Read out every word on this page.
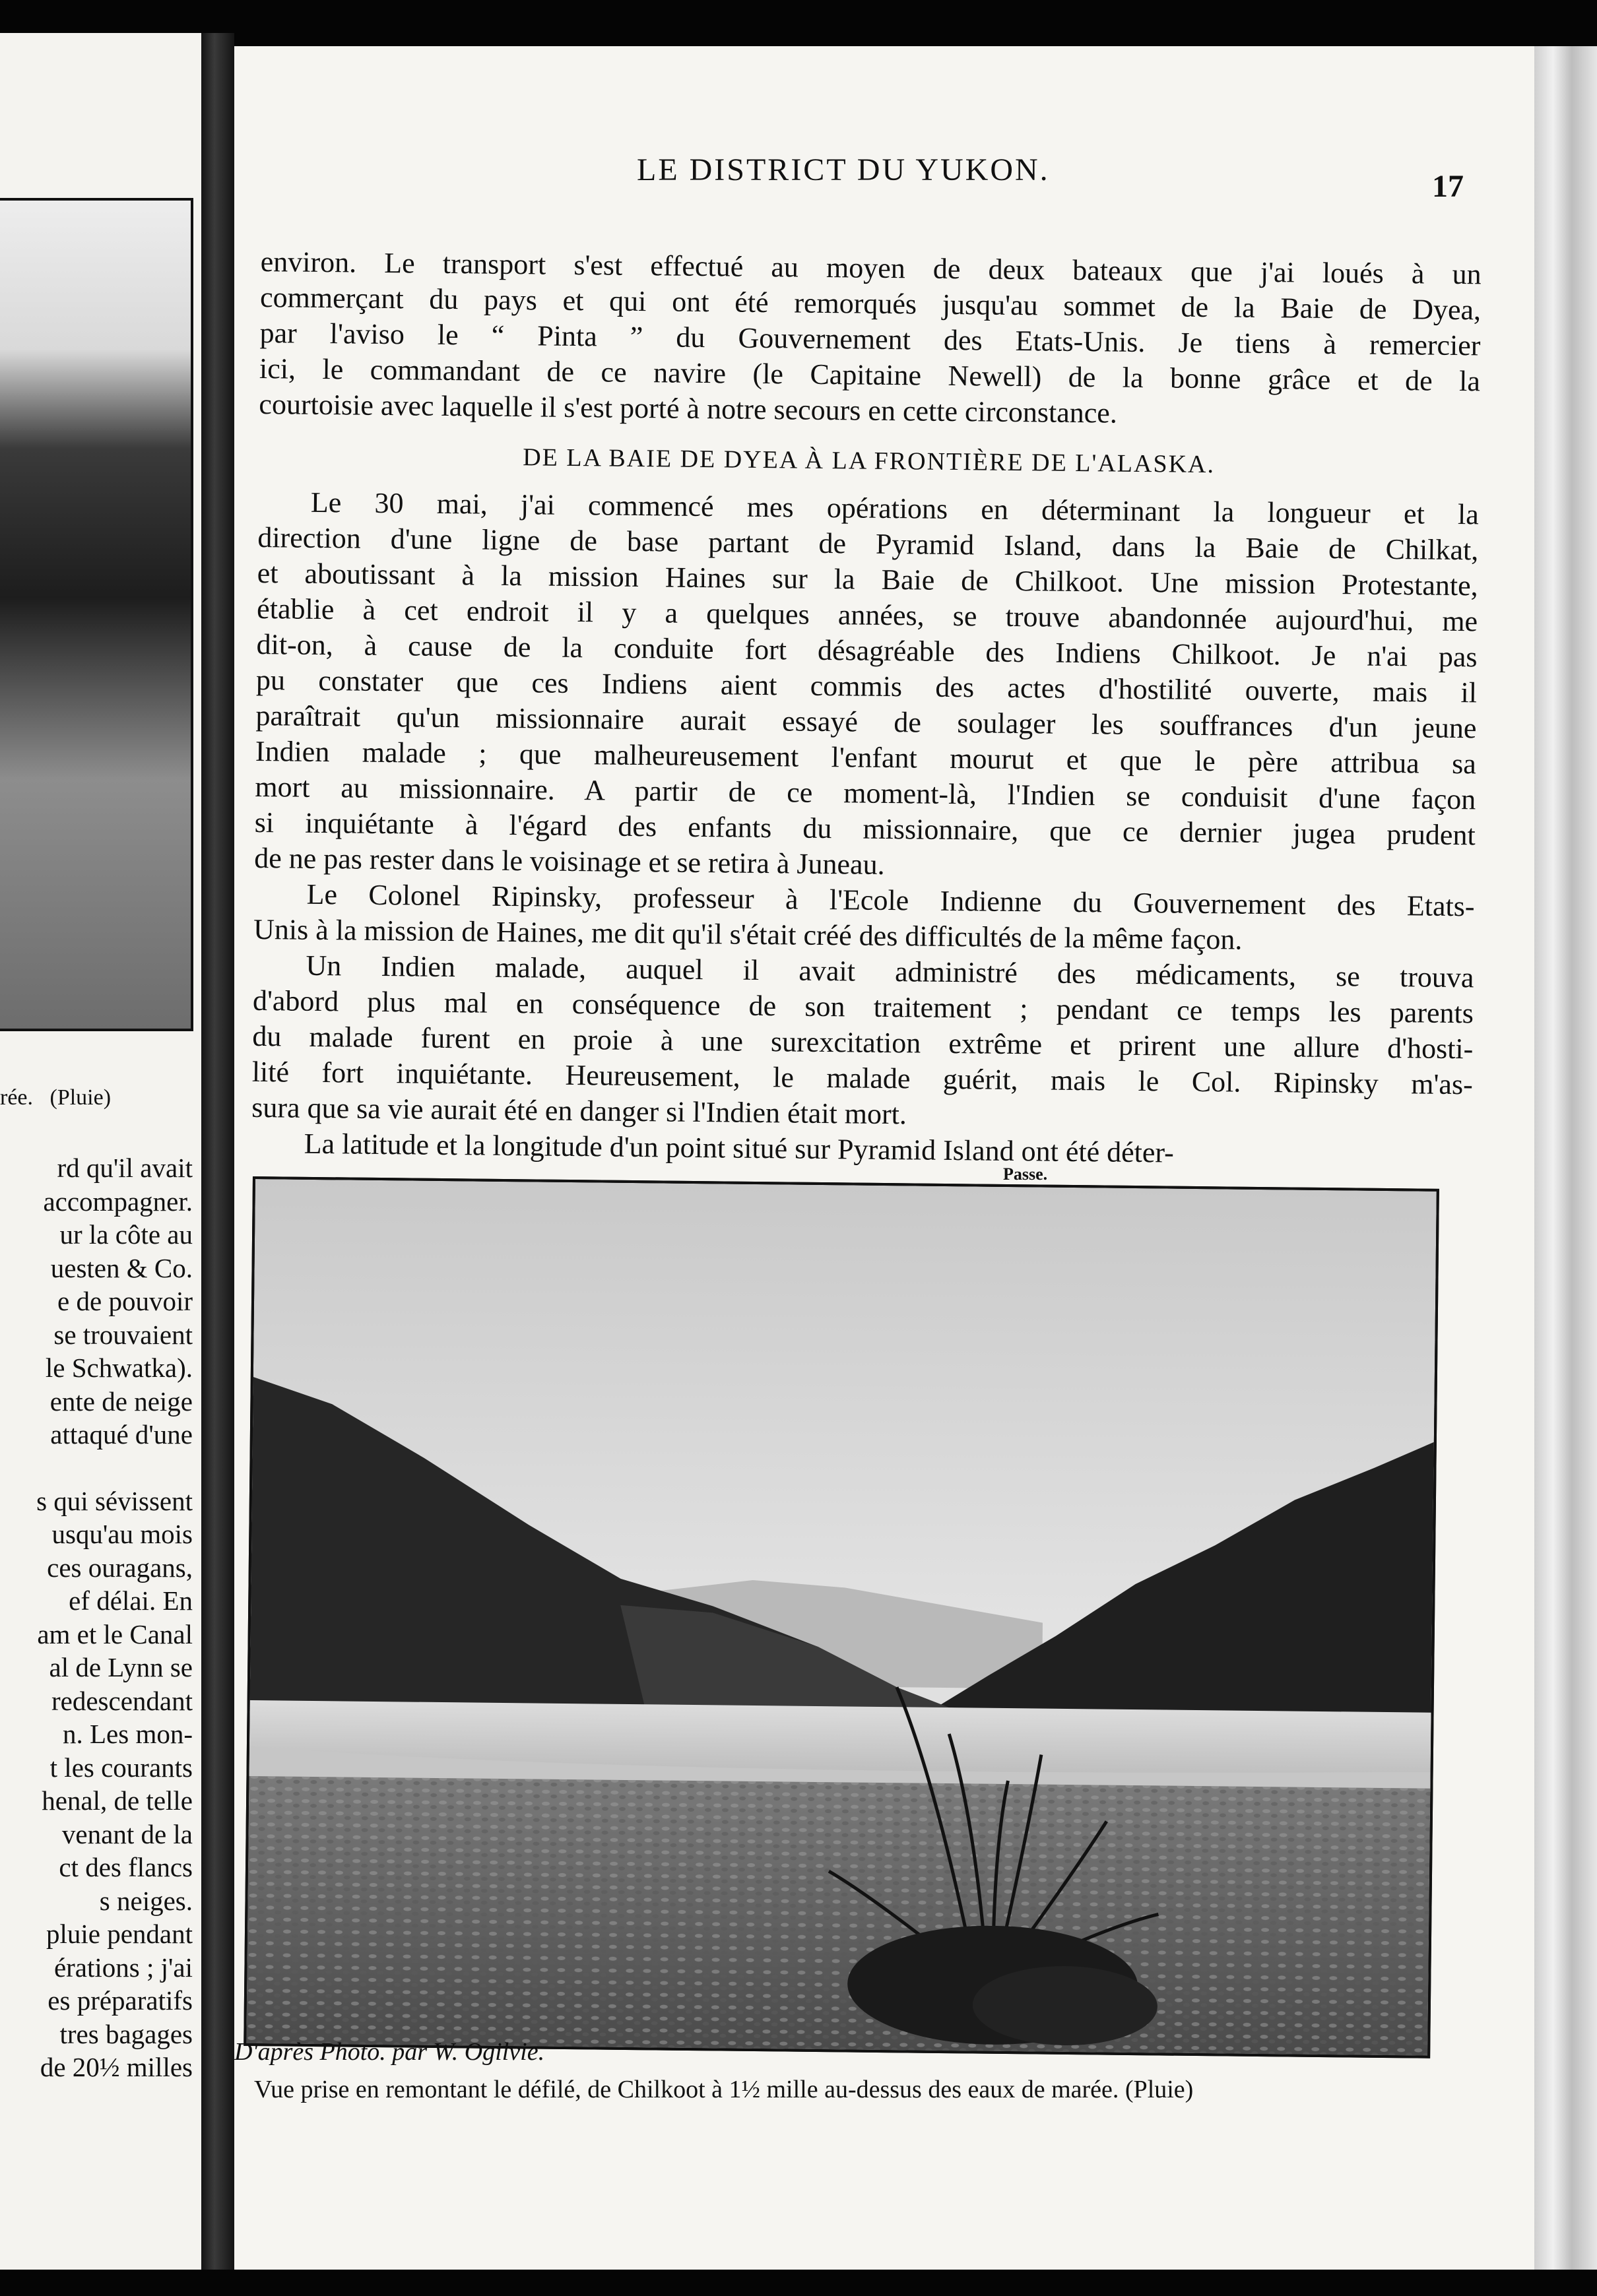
rée.   (Pluie)
rd qu'il avait
accompagner.
ur la côte au
uesten & Co.
e de pouvoir
se trouvaient
le Schwatka).
ente de neige
attaqué d'une
s qui sévissent
usqu'au mois
ces ouragans,
ef délai. En
am et le Canal
al de Lynn se
redescendant
n. Les mon-
t les courants
henal, de telle
venant de la
ct des flancs
s neiges.
pluie pendant
érations ; j'ai
es préparatifs
tres bagages
de 20½ milles
LE DISTRICT DU YUKON.	17
environ. Le transport s'est effectué au moyen de deux bateaux que j'ai loués à un
commerçant du pays et qui ont été remorqués jusqu'au sommet de la Baie de Dyea,
par l'aviso le “ Pinta ” du Gouvernement des Etats-Unis. Je tiens à remercier
ici, le commandant de ce navire (le Capitaine Newell) de la bonne grâce et de la
courtoisie avec laquelle il s'est porté à notre secours en cette circonstance.
DE LA BAIE DE DYEA À LA FRONTIÈRE DE L'ALASKA.
Le 30 mai, j'ai commencé mes opérations en déterminant la longueur et la
direction d'une ligne de base partant de Pyramid Island, dans la Baie de Chilkat,
et aboutissant à la mission Haines sur la Baie de Chilkoot. Une mission Protestante,
établie à cet endroit il y a quelques années, se trouve abandonnée aujourd'hui, me
dit-on, à cause de la conduite fort désagréable des Indiens Chilkoot. Je n'ai pas
pu constater que ces Indiens aient commis des actes d'hostilité ouverte, mais il
paraîtrait qu'un missionnaire aurait essayé de soulager les souffrances d'un jeune
Indien malade ; que malheureusement l'enfant mourut et que le père attribua sa
mort au missionnaire. A partir de ce moment-là, l'Indien se conduisit d'une façon
si inquiétante à l'égard des enfants du missionnaire, que ce dernier jugea prudent
de ne pas rester dans le voisinage et se retira à Juneau.
Le Colonel Ripinsky, professeur à l'Ecole Indienne du Gouvernement des Etats-
Unis à la mission de Haines, me dit qu'il s'était créé des difficultés de la même façon.
Un Indien malade, auquel il avait administré des médicaments, se trouva
d'abord plus mal en conséquence de son traitement ; pendant ce temps les parents
du malade furent en proie à une surexcitation extrême et prirent une allure d'hosti-
lité fort inquiétante. Heureusement, le malade guérit, mais le Col. Ripinsky m'as-
sura que sa vie aurait été en danger si l'Indien était mort.
La latitude et la longitude d'un point situé sur Pyramid Island ont été déter-
Passe.
D'après Photo. par W. Ogilvie.
Vue prise en remontant le défilé, de Chilkoot à 1½ mille au-dessus des eaux de marée. (Pluie)
